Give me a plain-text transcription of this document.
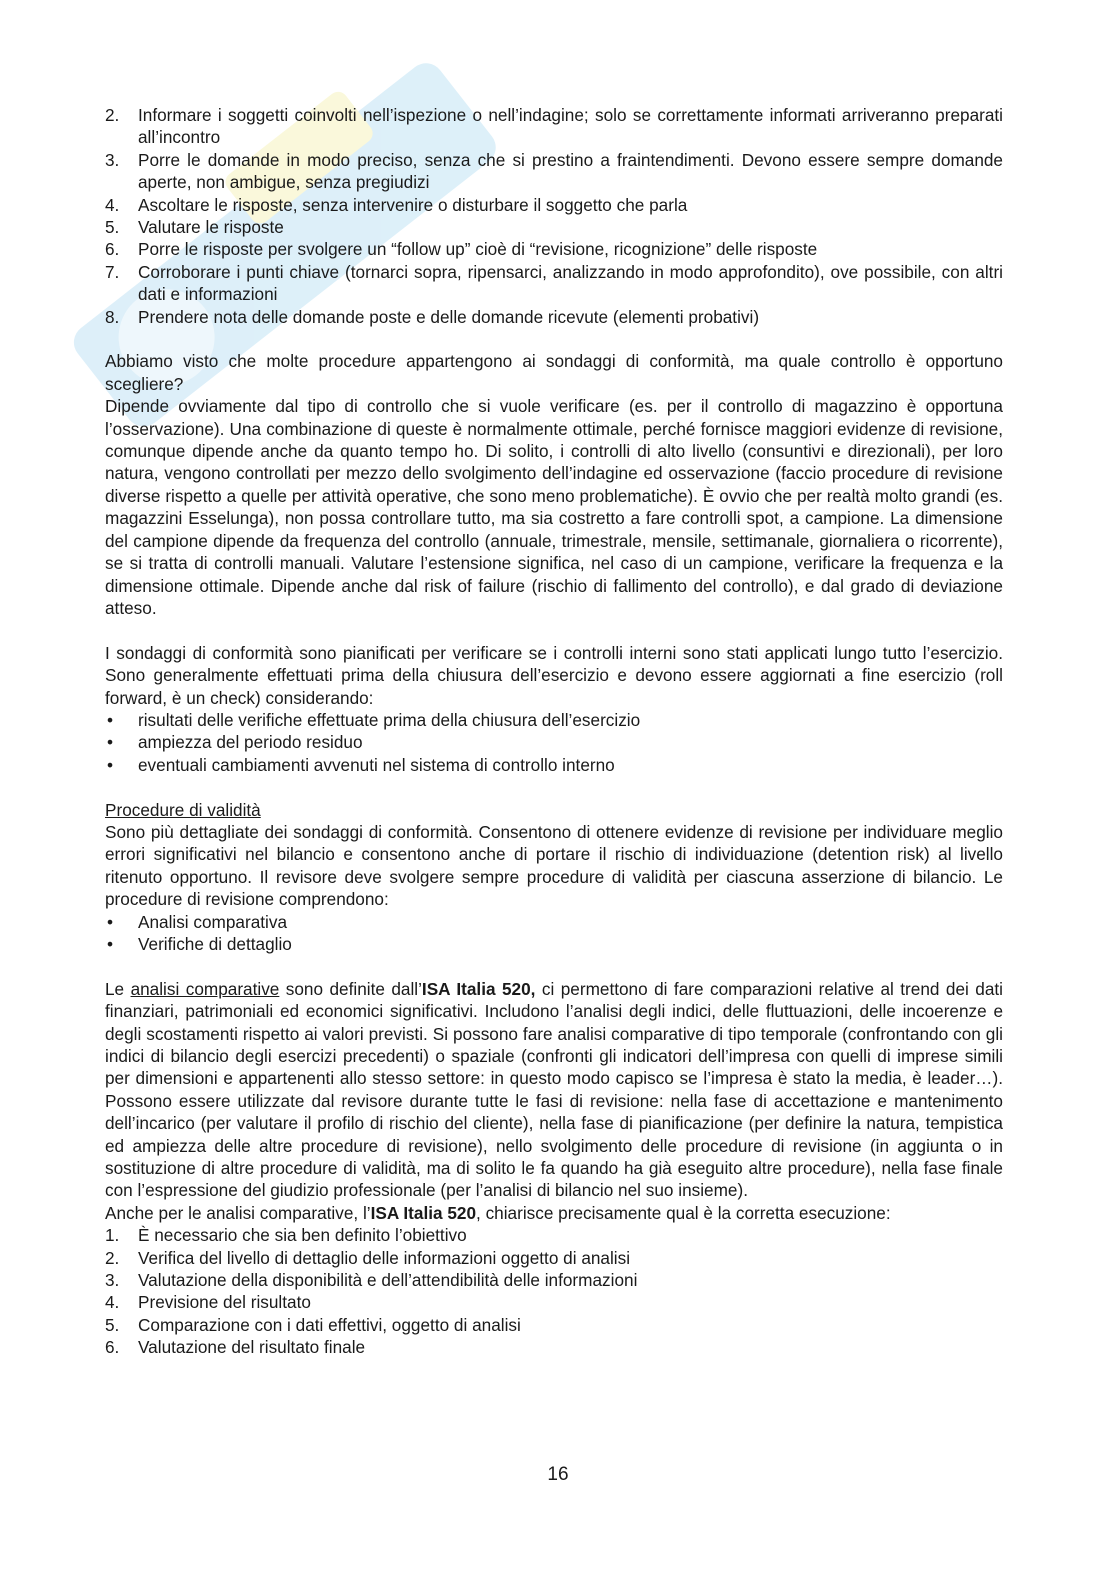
2. Informare i soggetti coinvolti nell’ispezione o nell’indagine; solo se correttamente informati arriveranno preparati all’incontro
3. Porre le domande in modo preciso, senza che si prestino a fraintendimenti. Devono essere sempre domande aperte, non ambigue, senza pregiudizi
4. Ascoltare le risposte, senza intervenire o disturbare il soggetto che parla
5. Valutare le risposte
6. Porre le risposte per svolgere un “follow up” cioè di “revisione, ricognizione” delle risposte
7. Corroborare i punti chiave (tornarci sopra, ripensarci, analizzando in modo approfondito), ove possibile, con altri dati e informazioni
8. Prendere nota delle domande poste e delle domande ricevute (elementi probativi)

Abbiamo visto che molte procedure appartengono ai sondaggi di conformità, ma quale controllo è opportuno scegliere?

Dipende ovviamente dal tipo di controllo che si vuole verificare (es. per il controllo di magazzino è opportuna l’osservazione). Una combinazione di queste è normalmente ottimale, perché fornisce maggiori evidenze di revisione, comunque dipende anche da quanto tempo ho. Di solito, i controlli di alto livello (consuntivi e direzionali), per loro natura, vengono controllati per mezzo dello svolgimento dell’indagine ed osservazione (faccio procedure di revisione diverse rispetto a quelle per attività operative, che sono meno problematiche). È ovvio che per realtà molto grandi (es. magazzini Esselunga), non possa controllare tutto, ma sia costretto a fare controlli spot, a campione. La dimensione del campione dipende da frequenza del controllo (annuale, trimestrale, mensile, settimanale, giornaliera o ricorrente), se si tratta di controlli manuali. Valutare l’estensione significa, nel caso di un campione, verificare la frequenza e la dimensione ottimale. Dipende anche dal risk of failure (rischio di fallimento del controllo), e dal grado di deviazione atteso.

I sondaggi di conformità sono pianificati per verificare se i controlli interni sono stati applicati lungo tutto l’esercizio. Sono generalmente effettuati prima della chiusura dell’esercizio e devono essere aggiornati a fine esercizio (roll forward, è un check) considerando:

• risultati delle verifiche effettuate prima della chiusura dell’esercizio
• ampiezza del periodo residuo
• eventuali cambiamenti avvenuti nel sistema di controllo interno

Procedure di validità

Sono più dettagliate dei sondaggi di conformità. Consentono di ottenere evidenze di revisione per individuare meglio errori significativi nel bilancio e consentono anche di portare il rischio di individuazione (detention risk) al livello ritenuto opportuno. Il revisore deve svolgere sempre procedure di validità per ciascuna asserzione di bilancio. Le procedure di revisione comprendono:

• Analisi comparativa
• Verifiche di dettaglio

Le analisi comparative sono definite dall’ISA Italia 520, ci permettono di fare comparazioni relative al trend dei dati finanziari, patrimoniali ed economici significativi. Includono l’analisi degli indici, delle fluttuazioni, delle incoerenze e degli scostamenti rispetto ai valori previsti. Si possono fare analisi comparative di tipo temporale (confrontando con gli indici di bilancio degli esercizi precedenti) o spaziale (confronti gli indicatori dell’impresa con quelli di imprese simili per dimensioni e appartenenti allo stesso settore: in questo modo capisco se l’impresa è stato la media, è leader…). Possono essere utilizzate dal revisore durante tutte le fasi di revisione: nella fase di accettazione e mantenimento dell’incarico (per valutare il profilo di rischio del cliente), nella fase di pianificazione (per definire la natura, tempistica ed ampiezza delle altre procedure di revisione), nello svolgimento delle procedure di revisione (in aggiunta o in sostituzione di altre procedure di validità, ma di solito le fa quando ha già eseguito altre procedure), nella fase finale con l’espressione del giudizio professionale (per l’analisi di bilancio nel suo insieme).

Anche per le analisi comparative, l’ISA Italia 520, chiarisce precisamente qual è la corretta esecuzione:

1. È necessario che sia ben definito l’obiettivo
2. Verifica del livello di dettaglio delle informazioni oggetto di analisi
3. Valutazione della disponibilità e dell’attendibilità delle informazioni
4. Previsione del risultato
5. Comparazione con i dati effettivi, oggetto di analisi
6. Valutazione del risultato finale
16
